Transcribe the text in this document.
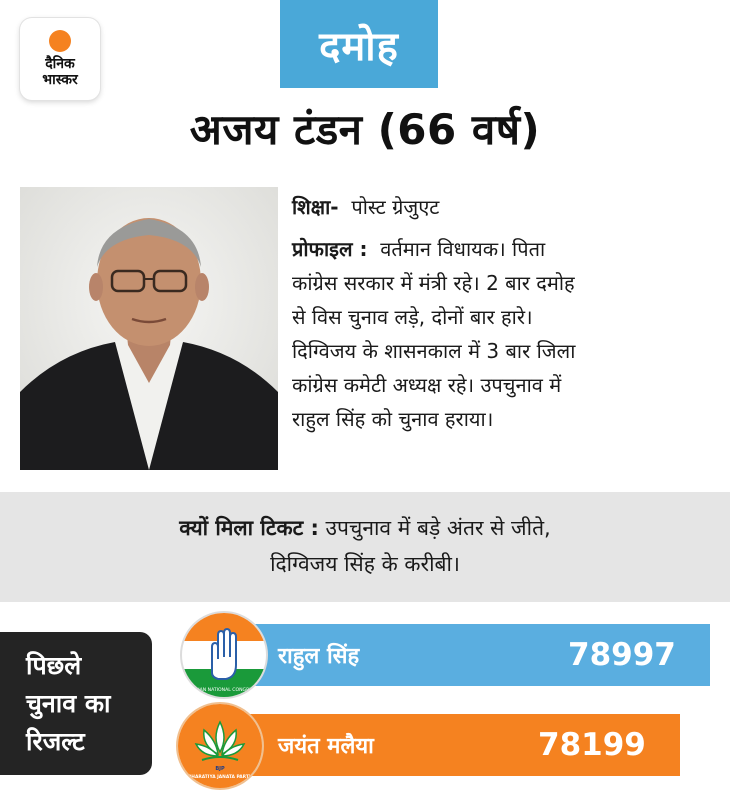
दैनिक
भास्कर
दमोह
अजय टंडन (66 वर्ष)
शिक्षा- पोस्ट ग्रेजुएट
प्रोफाइल : वर्तमान विधायक। पिता
कांग्रेस सरकार में मंत्री रहे। 2 बार दमोह
से विस चुनाव लड़े, दोनों बार हारे।
दिग्विजय के शासनकाल में 3 बार जिला
कांग्रेस कमेटी अध्यक्ष रहे। उपचुनाव में
राहुल सिंह को चुनाव हराया।
क्यों मिला टिकट : उपचुनाव में बड़े अंतर से जीते,
दिग्विजय सिंह के करीबी।
पिछले
चुनाव का
रिजल्ट
राहुल सिंह	78997
INDIAN NATIONAL CONGRESS
जयंत मलैया	78199
BJP
BHARATIYA JANATA PARTY
